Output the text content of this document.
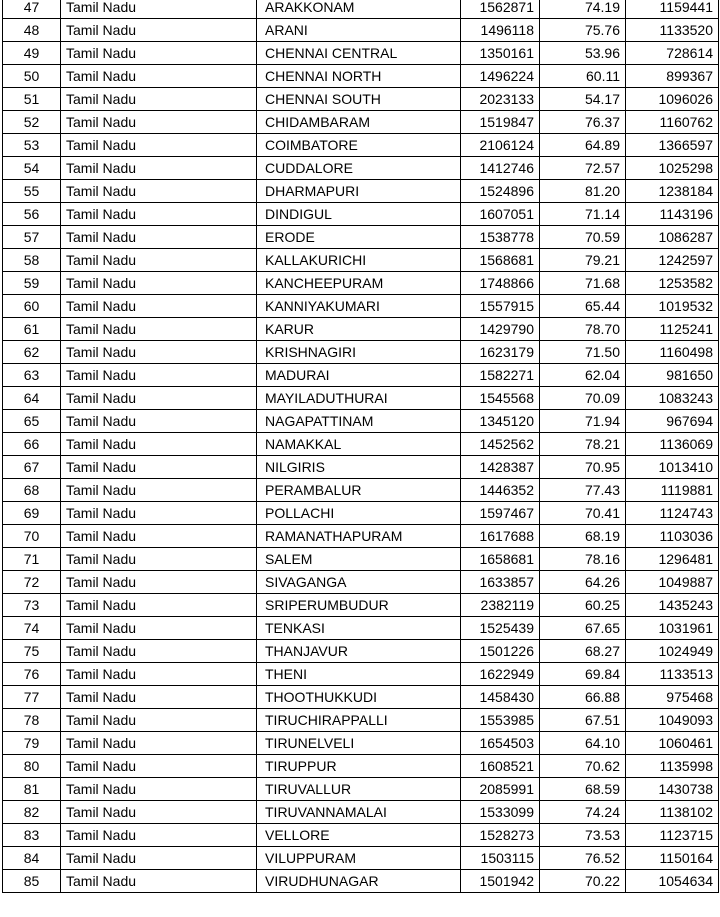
47	Tamil Nadu	ARAKKONAM	1562871	74.19	1159441
48	Tamil Nadu	ARANI	1496118	75.76	1133520
49	Tamil Nadu	CHENNAI CENTRAL	1350161	53.96	728614
50	Tamil Nadu	CHENNAI NORTH	1496224	60.11	899367
51	Tamil Nadu	CHENNAI SOUTH	2023133	54.17	1096026
52	Tamil Nadu	CHIDAMBARAM	1519847	76.37	1160762
53	Tamil Nadu	COIMBATORE	2106124	64.89	1366597
54	Tamil Nadu	CUDDALORE	1412746	72.57	1025298
55	Tamil Nadu	DHARMAPURI	1524896	81.20	1238184
56	Tamil Nadu	DINDIGUL	1607051	71.14	1143196
57	Tamil Nadu	ERODE	1538778	70.59	1086287
58	Tamil Nadu	KALLAKURICHI	1568681	79.21	1242597
59	Tamil Nadu	KANCHEEPURAM	1748866	71.68	1253582
60	Tamil Nadu	KANNIYAKUMARI	1557915	65.44	1019532
61	Tamil Nadu	KARUR	1429790	78.70	1125241
62	Tamil Nadu	KRISHNAGIRI	1623179	71.50	1160498
63	Tamil Nadu	MADURAI	1582271	62.04	981650
64	Tamil Nadu	MAYILADUTHURAI	1545568	70.09	1083243
65	Tamil Nadu	NAGAPATTINAM	1345120	71.94	967694
66	Tamil Nadu	NAMAKKAL	1452562	78.21	1136069
67	Tamil Nadu	NILGIRIS	1428387	70.95	1013410
68	Tamil Nadu	PERAMBALUR	1446352	77.43	1119881
69	Tamil Nadu	POLLACHI	1597467	70.41	1124743
70	Tamil Nadu	RAMANATHAPURAM	1617688	68.19	1103036
71	Tamil Nadu	SALEM	1658681	78.16	1296481
72	Tamil Nadu	SIVAGANGA	1633857	64.26	1049887
73	Tamil Nadu	SRIPERUMBUDUR	2382119	60.25	1435243
74	Tamil Nadu	TENKASI	1525439	67.65	1031961
75	Tamil Nadu	THANJAVUR	1501226	68.27	1024949
76	Tamil Nadu	THENI	1622949	69.84	1133513
77	Tamil Nadu	THOOTHUKKUDI	1458430	66.88	975468
78	Tamil Nadu	TIRUCHIRAPPALLI	1553985	67.51	1049093
79	Tamil Nadu	TIRUNELVELI	1654503	64.10	1060461
80	Tamil Nadu	TIRUPPUR	1608521	70.62	1135998
81	Tamil Nadu	TIRUVALLUR	2085991	68.59	1430738
82	Tamil Nadu	TIRUVANNAMALAI	1533099	74.24	1138102
83	Tamil Nadu	VELLORE	1528273	73.53	1123715
84	Tamil Nadu	VILUPPURAM	1503115	76.52	1150164
85	Tamil Nadu	VIRUDHUNAGAR	1501942	70.22	1054634
